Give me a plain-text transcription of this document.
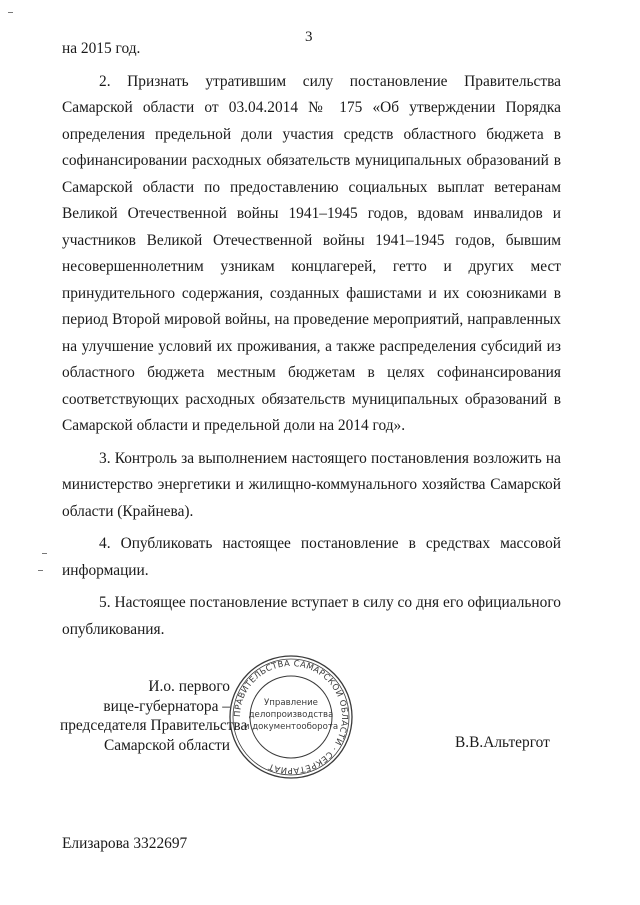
3

на 2015 год.

2. Признать утратившим силу постановление Правительства Самарской области от 03.04.2014 № 175 «Об утверждении Порядка определения предельной доли участия средств областного бюджета в софинансировании расходных обязательств муниципальных образований в Самарской области по предоставлению социальных выплат ветеранам Великой Отечественной войны 1941–1945 годов, вдовам инвалидов и участников Великой Отечественной войны 1941–1945 годов, бывшим несовершеннолетним узникам концлагерей, гетто и других мест принудительного содержания, созданных фашистами и их союзниками в период Второй мировой войны, на проведение мероприятий, направленных на улучшение условий их проживания, а также распределения субсидий из областного бюджета местным бюджетам в целях софинансирования соответствующих расходных обязательств муниципальных образований в Самарской области и предельной доли на 2014 год».

3. Контроль за выполнением настоящего постановления возложить на министерство энергетики и жилищно-коммунального хозяйства Самарской области (Крайнева).

4. Опубликовать настоящее постановление в средствах массовой информации.

5. Настоящее постановление вступает в силу со дня его официального опубликования.

И.о. первого
вице-губернатора –
председателя Правительства
Самарской области	В.В.Альтергот
ПРАВИТЕЛЬСТВА САМАРСКОЙ ОБЛАСТИ · СЕКРЕТАРИАТ
Управление
делопроизводства
и документооборота
Елизарова 3322697
